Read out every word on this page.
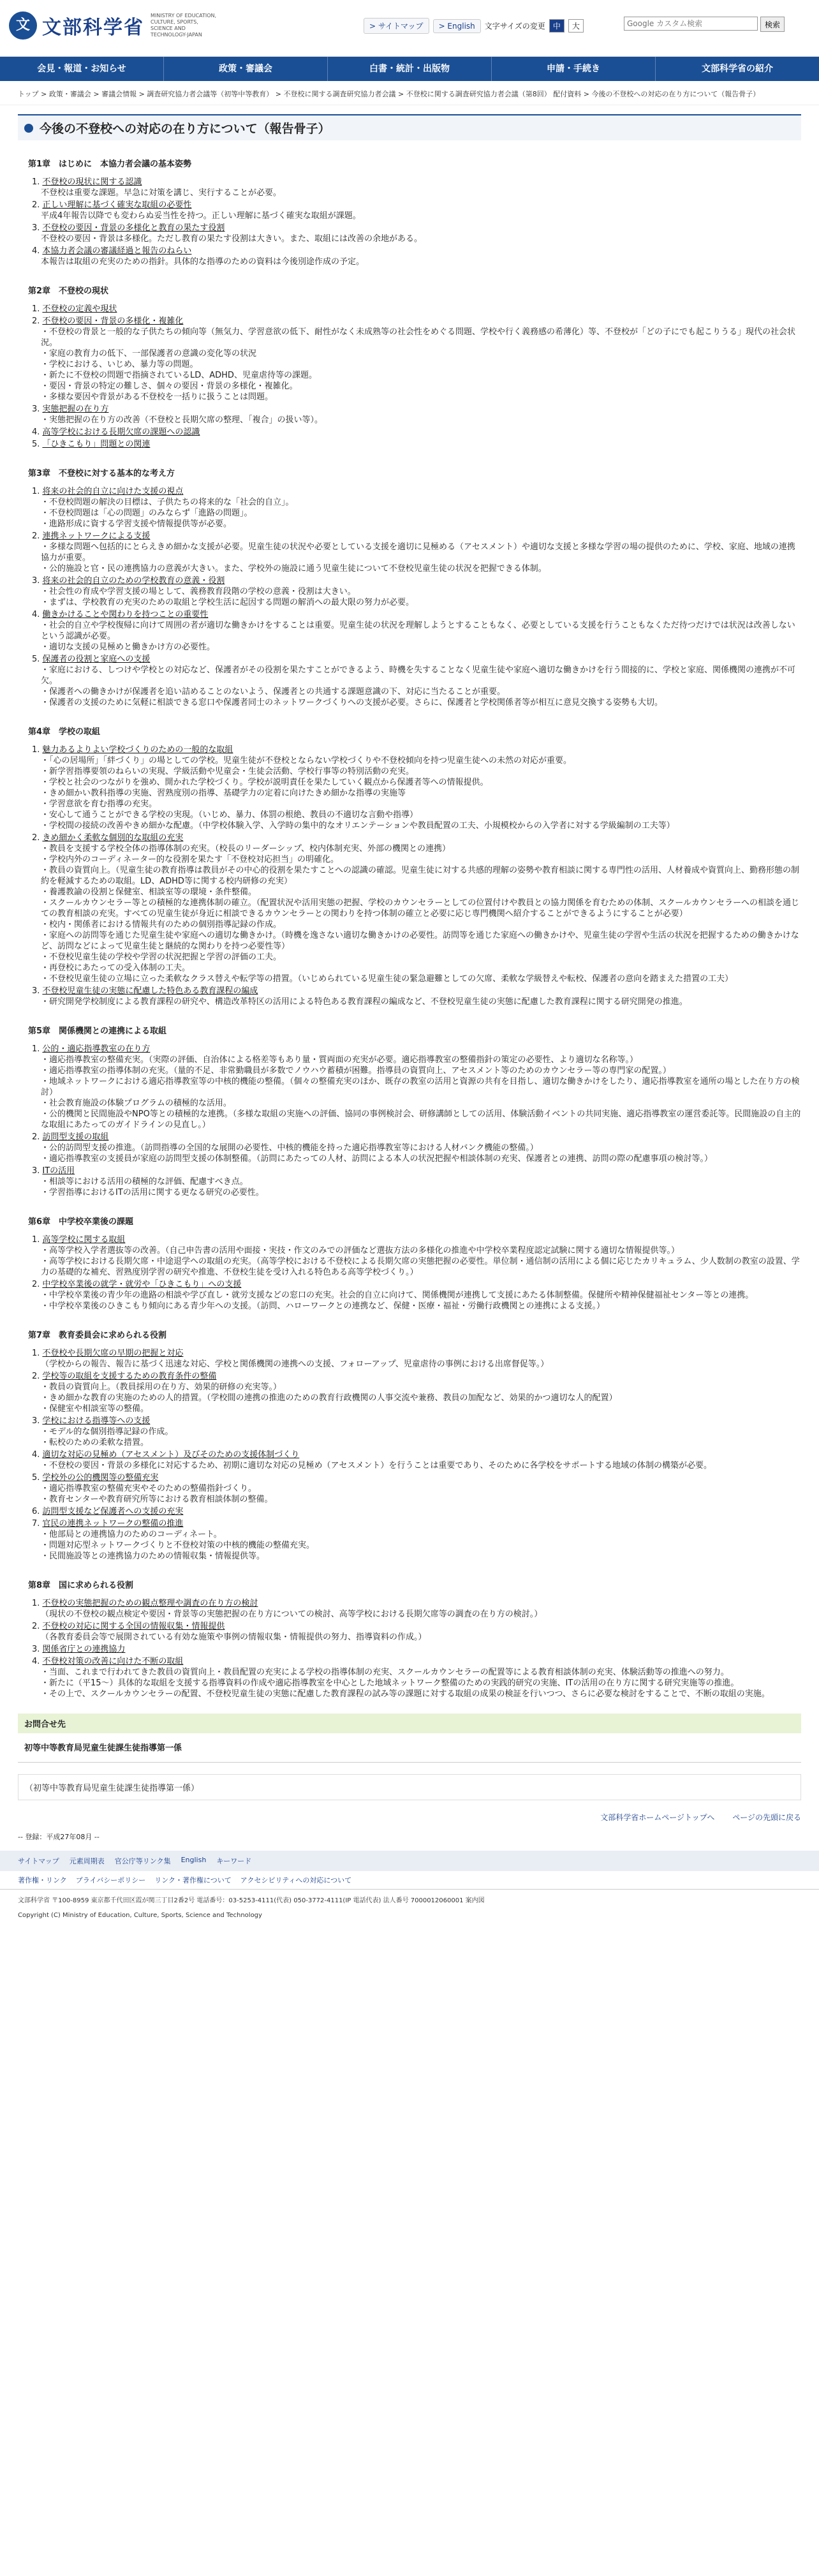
文 文部科学省
MINISTRY OF EDUCATION, CULTURE, SPORTS, SCIENCE AND TECHNOLOGY-JAPAN
> サイトマップ	> English	文字サイズの変更	中	大
Google カスタム検索	検索
会見・報道・お知らせ	政策・審議会	白書・統計・出版物	申請・手続き	文部科学省の紹介
トップ > 政策・審議会 > 審議会情報 > 調査研究協力者会議等（初等中等教育） > 不登校に関する調査研究協力者会議 > 不登校に関する調査研究協力者会議（第8回） 配付資料 > 今後の不登校への対応の在り方について（報告骨子）
今後の不登校への対応の在り方について（報告骨子）
第1章　はじめに　本協力者会議の基本姿勢
1. 不登校の現状に関する認識
不登校は重要な課題。早急に対策を講じ、実行することが必要。
2. 正しい理解に基づく確実な取組の必要性
平成4年報告以降でも変わらぬ妥当性を持つ。正しい理解に基づく確実な取組が課題。
3. 不登校の要因・背景の多様化と教育の果たす役割
不登校の要因・背景は多様化。ただし教育の果たす役割は大きい。また、取組には改善の余地がある。
4. 本協力者会議の審議経過と報告のねらい
本報告は取組の充実のための指針。具体的な指導のための資料は今後別途作成の予定。
第2章　不登校の現状
1. 不登校の定義や現状
2. 不登校の要因・背景の多様化・複雑化
・不登校の背景と一般的な子供たちの傾向等（無気力、学習意欲の低下、耐性がなく未成熟等の社会性をめぐる問題、学校や行く義務感の希薄化）等、不登校が「どの子にでも起こりうる」現代の社会状況。
・家庭の教育力の低下、一部保護者の意識の変化等の状況
・学校における、いじめ、暴力等の問題。
・新たに不登校の問題で指摘されているLD、ADHD、児童虐待等の課題。
・要因・背景の特定の難しさ、個々の要因・背景の多様化・複雑化。
・多様な要因や背景がある不登校を一括りに扱うことは問題。
3. 実態把握の在り方
・実態把握の在り方の改善（不登校と長期欠席の整理、「複合」の扱い等）。
4. 高等学校における長期欠席の課題への認識
5. 「ひきこもり」問題との関連
第3章　不登校に対する基本的な考え方
1. 将来の社会的自立に向けた支援の視点
・不登校問題の解決の目標は、子供たちの将来的な「社会的自立」。
・不登校問題は「心の問題」のみならず「進路の問題」。
・進路形成に資する学習支援や情報提供等が必要。
2. 連携ネットワークによる支援
・多様な問題へ包括的にとらえきめ細かな支援が必要。児童生徒の状況や必要としている支援を適切に見極める（アセスメント）や適切な支援と多様な学習の場の提供のために、学校、家庭、地域の連携協力が重要。
・公的施設と官・民の連携協力の意義が大きい。また、学校外の施設に通う児童生徒について不登校児童生徒の状況を把握できる体制。
3. 将来の社会的自立のための学校教育の意義・役割
・社会性の育成や学習支援の場として、義務教育段階の学校の意義・役割は大きい。
・まずは、学校教育の充実のための取組と学校生活に起因する問題の解消への最大限の努力が必要。
4. 働きかけることや関わりを持つことの重要性
・社会的自立や学校復帰に向けて周囲の者が適切な働きかけをすることは重要。児童生徒の状況を理解しようとすることもなく、必要としている支援を行うこともなくただ待つだけでは状況は改善しないという認識が必要。
・適切な支援の見極めと働きかけ方の必要性。
5. 保護者の役割と家庭への支援
・家庭における、しつけや学校との対応など、保護者がその役割を果たすことができるよう、時機を失することなく児童生徒や家庭へ適切な働きかけを行う間接的に、学校と家庭、関係機関の連携が不可欠。
・保護者への働きかけが保護者を追い詰めることのないよう、保護者との共通する課題意識の下、対応に当たることが重要。
・保護者の支援のために気軽に相談できる窓口や保護者同士のネットワークづくりへの支援が必要。さらに、保護者と学校関係者等が相互に意見交換する姿勢も大切。
第4章　学校の取組
1. 魅力あるよりよい学校づくりのための一般的な取組
・「心の居場所」「絆づくり」の場としての学校。児童生徒が不登校とならない学校づくりや不登校傾向を持つ児童生徒への未然の対応が重要。
・新学習指導要領のねらいの実現、学級活動や児童会・生徒会活動、学校行事等の特別活動の充実。
・学校と社会のつながりを強め、開かれた学校づくり。学校が説明責任を果たしていく観点から保護者等への情報提供。
・きめ細かい教科指導の実施、習熟度別の指導、基礎学力の定着に向けたきめ細かな指導の実施等
・学習意欲を育む指導の充実。
・安心して通うことができる学校の実現。（いじめ、暴力、体罰の根絶、教員の不適切な言動や指導）
・学校間の接続の改善やきめ細かな配慮。（中学校体験入学、入学時の集中的なオリエンテーションや教員配置の工夫、小規模校からの入学者に対する学級編制の工夫等）
2. きめ細かく柔軟な個別的な取組の充実
・教員を支援する学校全体の指導体制の充実。（校長のリーダーシップ、校内体制充実、外部の機関との連携）
・学校内外のコーディネーター的な役割を果たす「不登校対応担当」の明確化。
・教員の資質向上。（児童生徒の教育指導は教員がその中心的役割を果たすことへの認識の確認。児童生徒に対する共感的理解の姿勢や教育相談に関する専門性の活用、人材養成や資質向上、勤務形態の制約を軽減するための取組。LD、ADHD等に関する校内研修の充実）
・養護教諭の役割と保健室、相談室等の環境・条件整備。
・スクールカウンセラー等との積極的な連携体制の確立。（配置状況や活用実態の把握、学校のカウンセラーとしての位置付けや教員との協力関係を育むための体制、スクールカウンセラーへの相談を通じての教育相談の充実。すべての児童生徒が身近に相談できるカウンセラーとの関わりを持つ体制の確立と必要に応じ専門機関へ紹介することができるようにすることが必要）
・校内・関係者における情報共有のための個別指導記録の作成。
・家庭への訪問等を通じた児童生徒や家庭への適切な働きかけ。（時機を逸さない適切な働きかけの必要性。訪問等を通じた家庭への働きかけや、児童生徒の学習や生活の状況を把握するための働きかけなど、訪問などによって児童生徒と継続的な関わりを持つ必要性等）
・不登校児童生徒の学校や学習の状況把握と学習の評価の工夫。
・再登校にあたっての受入体制の工夫。
・不登校児童生徒の立場に立った柔軟なクラス替えや転学等の措置。（いじめられている児童生徒の緊急避難としての欠席、柔軟な学級替えや転校、保護者の意向を踏まえた措置の工夫）
3. 不登校児童生徒の実態に配慮した特色ある教育課程の編成
・研究開発学校制度による教育課程の研究や、構造改革特区の活用による特色ある教育課程の編成など、不登校児童生徒の実態に配慮した教育課程に関する研究開発の推進。
第5章　関係機関との連携による取組
1. 公的・適応指導教室の在り方
・適応指導教室の整備充実。（実際の評価、自治体による格差等もあり量・質両面の充実が必要。適応指導教室の整備指針の策定の必要性、より適切な名称等。）
・適応指導教室の指導体制の充実。（量的不足、非常勤職員が多数でノウハウ蓄積が困難。指導員の資質向上、アセスメント等のためのカウンセラー等の専門家の配置。）
・地域ネットワークにおける適応指導教室等の中核的機能の整備。（個々の整備充実のほか、既存の教室の活用と資源の共有を目指し、適切な働きかけをしたり、適応指導教室を通所の場とした在り方の検討）
・社会教育施設の体験プログラムの積極的な活用。
・公的機関と民間施設やNPO等との積極的な連携。（多様な取組の実施への評価、協同の事例検討会、研修講師としての活用、体験活動イベントの共同実施、適応指導教室の運営委託等。民間施設の自主的な取組にあたってのガイドラインの見直し。）
2. 訪問型支援の取組
・公的訪問型支援の推進。（訪問指導の全国的な展開の必要性、中核的機能を持った適応指導教室等における人材バンク機能の整備。）
・適応指導教室の支援員が家庭の訪問型支援の体制整備。（訪問にあたっての人材、訪問による本人の状況把握や相談体制の充実、保護者との連携、訪問の際の配慮事項の検討等。）
3. ITの活用
・相談等における活用の積極的な評価、配慮すべき点。
・学習指導におけるITの活用に関する更なる研究の必要性。
第6章　中学校卒業後の課題
1. 高等学校に関する取組
・高等学校入学者選抜等の改善。（自己申告書の活用や面接・実技・作文のみでの評価など選抜方法の多様化の推進や中学校卒業程度認定試験に関する適切な情報提供等。）
・高等学校における長期欠席・中途退学への取組の充実。（高等学校における不登校による長期欠席の実態把握の必要性。単位制・通信制の活用による個に応じたカリキュラム、少人数制の教室の設置、学力の基礎的な補充、習熟度別学習の研究や推進、不登校生徒を受け入れる特色ある高等学校づくり。）
2. 中学校卒業後の就学・就労や「ひきこもり」への支援
・中学校卒業後の青少年の進路の相談や学び直し・就労支援などの窓口の充実。社会的自立に向けて、関係機関が連携して支援にあたる体制整備。保健所や精神保健福祉センター等との連携。
・中学校卒業後のひきこもり傾向にある青少年への支援。（訪問、ハローワークとの連携など、保健・医療・福祉・労働行政機関との連携による支援。）
第7章　教育委員会に求められる役割
1. 不登校や長期欠席の早期の把握と対応
（学校からの報告、報告に基づく迅速な対応、学校と関係機関の連携への支援、フォローアップ、児童虐待の事例における出席督促等。）
2. 学校等の取組を支援するための教育条件の整備
・教員の資質向上。（教員採用の在り方、効果的研修の充実等。）
・きめ細かな教育の実施のための人的措置。（学校間の連携の推進のための教育行政機関の人事交流や兼務、教員の加配など、効果的かつ適切な人的配置）
・保健室や相談室等の整備。
3. 学校における指導等への支援
・モデル的な個別指導記録の作成。
・転校のための柔軟な措置。
4. 適切な対応の見極め（アセスメント）及びそのための支援体制づくり
・不登校の要因・背景の多様化に対応するため、初期に適切な対応の見極め（アセスメント）を行うことは重要であり、そのために各学校をサポートする地域の体制の構築が必要。
5. 学校外の公的機関等の整備充実
・適応指導教室の整備充実やそのための整備指針づくり。
・教育センターや教育研究所等における教育相談体制の整備。
6. 訪問型支援など保護者への支援の充実
7. 官民の連携ネットワークの整備の推進
・他部局との連携協力のためのコーディネート。
・問題対応型ネットワークづくりと不登校対策の中核的機能の整備充実。
・民間施設等との連携協力のための情報収集・情報提供等。
第8章　国に求められる役割
1. 不登校の実態把握のための観点整理や調査の在り方の検討
（現状の不登校の観点検定や要因・背景等の実態把握の在り方についての検討、高等学校における長期欠席等の調査の在り方の検討。）
2. 不登校の対応に関する全国の情報収集・情報提供
（各教育委員会等で展開されている有効な施策や事例の情報収集・情報提供の努力、指導資料の作成。）
3. 関係省庁との連携協力
4. 不登校対策の改善に向けた不断の取組
・当面、これまで行われてきた教員の資質向上・教員配置の充実による学校の指導体制の充実、スクールカウンセラーの配置等による教育相談体制の充実、体験活動等の推進への努力。
・新たに（平15〜）具体的な取組を支援する指導資料の作成や適応指導教室を中心とした地域ネットワーク整備のための実践的研究の実施、ITの活用の在り方に関する研究実施等の推進。
・その上で、スクールカウンセラーの配置、不登校児童生徒の実態に配慮した教育課程の試み等の課題に対する取組の成果の検証を行いつつ、さらに必要な検討をすることで、不断の取組の実施。
お問合せ先
初等中等教育局児童生徒課生徒指導第一係
（初等中等教育局児童生徒課生徒指導第一係）
文部科学省ホームページトップへ ページの先頭に戻る
-- 登録：平成27年08月 --
サイトマップ 元素周期表 官公庁等リンク集 English キーワード
著作権・リンク プライバシーポリシー リンク・著作権について アクセシビリティへの対応について
文部科学省 〒100-8959 東京都千代田区霞が関三丁目2番2号 電話番号：03-5253-4111(代表) 050-3772-4111(IP 電話代表) 法人番号 7000012060001 案内図
Copyright (C) Ministry of Education, Culture, Sports, Science and Technology
